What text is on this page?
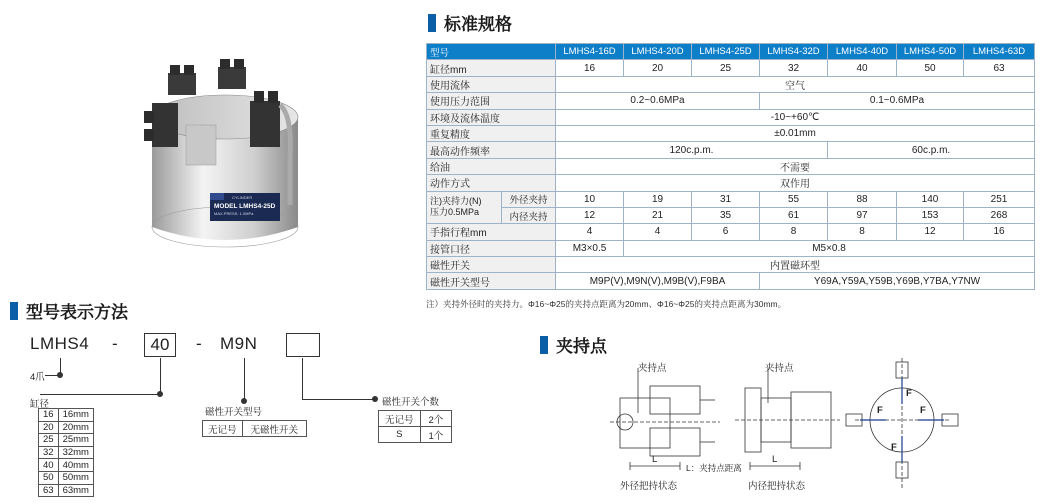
CYLINDER
MODEL LMHS4-25D
MAX.PRESS: 1.0MPa
标准规格
型号		LMHS4-16D	LMHS4-20D	LMHS4-25D	LMHS4-32D	LMHS4-40D	LMHS4-50D	LMHS4-63D
缸径mm		16	20	25	32	40	50	63
使用流体		空气						
使用压力范围		0.2~0.6MPa			0.1~0.6MPa			
环境及流体温度		-10~+60℃						
重复精度		±0.01mm						
最高动作频率		120c.p.m.				60c.p.m.		
给油		不需要						
动作方式		双作用						
注)夹持力(N)
压力0.5MPa	外径夹持	10	19	31	55	88	140	251
	内径夹持	12	21	35	61	97	153	268
手指行程mm		4	4	6	8	8	12	16
接管口径		M3×0.5	M5×0.8					
磁性开关		内置磁环型						
磁性开关型号		M9P(V),M9N(V),M9B(V),F9BA			Y69A,Y59A,Y59B,Y69B,Y7BA,Y7NW			
注）夹持外径时的夹持力。Φ16~Φ25的夹持点距离为20mm、Φ16~Φ25的夹持点距离为30mm。
型号表示方法
LMHS4 -	40	- M9N
4爪
缸径
16	16mm
20	20mm
25	25mm
32	32mm
40	40mm
50	50mm
63	63mm
磁性开关型号
无记号	无磁性开关
磁性开关个数
无记号	2个
S	1个
夹持点
夹持点	夹持点
L	L
L：夹持点距离
外径把持状态	内径把持状态
F	F
F
F
